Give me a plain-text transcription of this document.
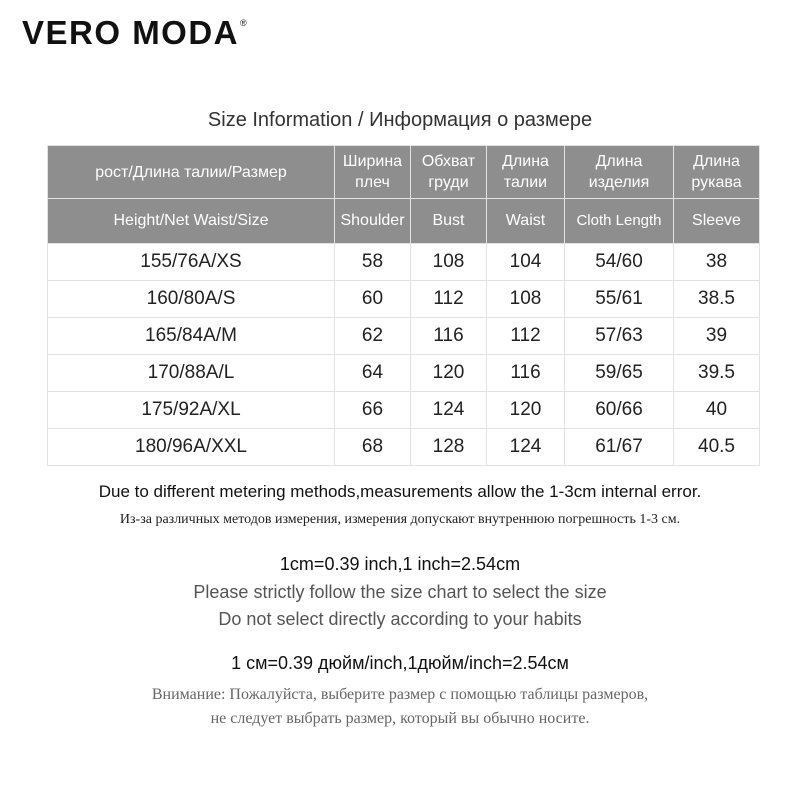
VERO MODA®
Size Information / Информация о размере
рост/Длина талии/Размер	Ширина плеч	Обхват груди	Длина талии	Длина изделия	Длина рукава
Height/Net Waist/Size	Shoulder	Bust	Waist	Cloth Length	Sleeve
155/76A/XS	58	108	104	54/60	38
160/80A/S	60	112	108	55/61	38.5
165/84A/M	62	116	112	57/63	39
170/88A/L	64	120	116	59/65	39.5
175/92A/XL	66	124	120	60/66	40
180/96A/XXL	68	128	124	61/67	40.5
Due to different metering methods,measurements allow the 1-3cm internal error.
Из-за различных методов измерения, измерения допускают внутреннюю погрешность 1-3 см.
1cm=0.39 inch,1 inch=2.54cm
Please strictly follow the size chart to select the size
Do not select directly according to your habits
1 см=0.39 дюйм/inch,1дюйм/inch=2.54см
Внимание: Пожалуйста, выберите размер с помощью таблицы размеров,
не следует выбрать размер, который вы обычно носите.
